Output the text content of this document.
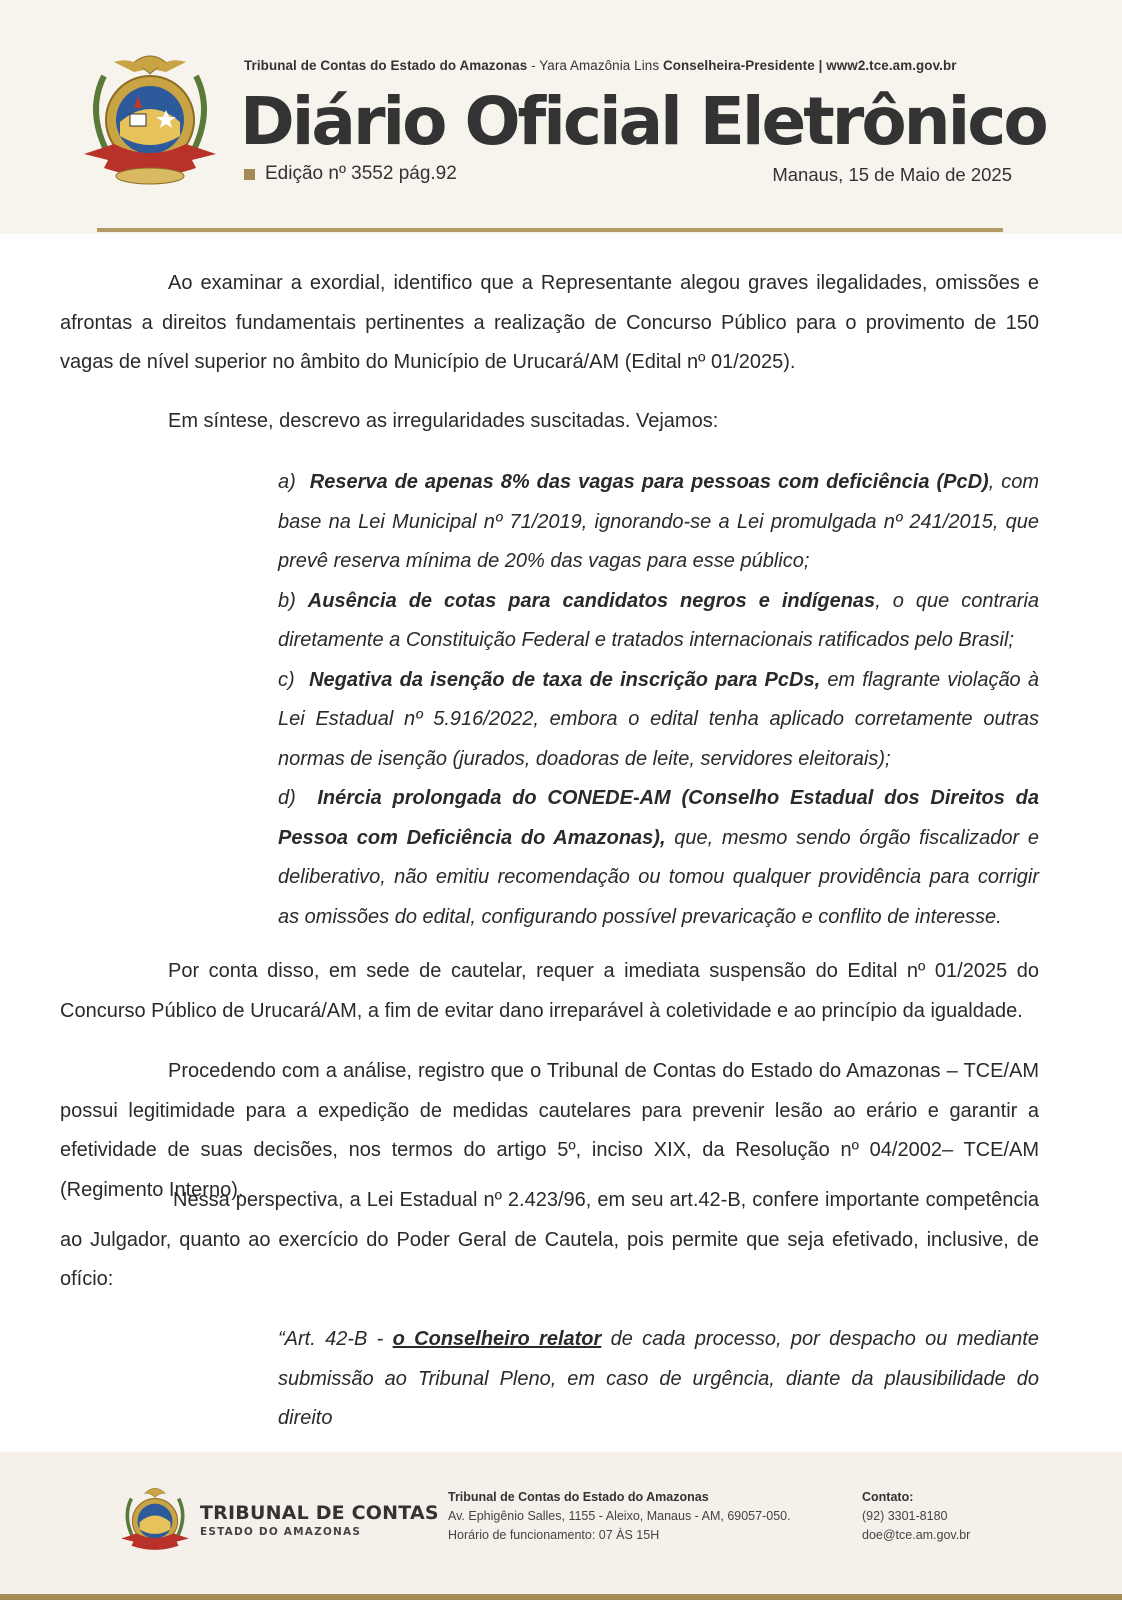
Tribunal de Contas do Estado do Amazonas - Yara Amazônia Lins Conselheira-Presidente | www2.tce.am.gov.br
Diário Oficial Eletrônico
Edição nº 3552 pág.92	Manaus, 15 de Maio de 2025

Ao examinar a exordial, identifico que a Representante alegou graves ilegalidades, omissões e afrontas a direitos fundamentais pertinentes a realização de Concurso Público para o provimento de 150 vagas de nível superior no âmbito do Município de Urucará/AM (Edital nº 01/2025).

Em síntese, descrevo as irregularidades suscitadas. Vejamos:

a) Reserva de apenas 8% das vagas para pessoas com deficiência (PcD), com base na Lei Municipal nº 71/2019, ignorando-se a Lei promulgada nº 241/2015, que prevê reserva mínima de 20% das vagas para esse público;

b) Ausência de cotas para candidatos negros e indígenas, o que contraria diretamente a Constituição Federal e tratados internacionais ratificados pelo Brasil;

c) Negativa da isenção de taxa de inscrição para PcDs, em flagrante violação à Lei Estadual nº 5.916/2022, embora o edital tenha aplicado corretamente outras normas de isenção (jurados, doadoras de leite, servidores eleitorais);

d) Inércia prolongada do CONEDE-AM (Conselho Estadual dos Direitos da Pessoa com Deficiência do Amazonas), que, mesmo sendo órgão fiscalizador e deliberativo, não emitiu recomendação ou tomou qualquer providência para corrigir as omissões do edital, configurando possível prevaricação e conflito de interesse.

Por conta disso, em sede de cautelar, requer a imediata suspensão do Edital nº 01/2025 do Concurso Público de Urucará/AM, a fim de evitar dano irreparável à coletividade e ao princípio da igualdade.

Procedendo com a análise, registro que o Tribunal de Contas do Estado do Amazonas – TCE/AM possui legitimidade para a expedição de medidas cautelares para prevenir lesão ao erário e garantir a efetividade de suas decisões, nos termos do artigo 5º, inciso XIX, da Resolução nº 04/2002– TCE/AM (Regimento Interno).

Nessa perspectiva, a Lei Estadual nº 2.423/96, em seu art.42-B, confere importante competência ao Julgador, quanto ao exercício do Poder Geral de Cautela, pois permite que seja efetivado, inclusive, de ofício:

“Art. 42-B - o Conselheiro relator de cada processo, por despacho ou mediante submissão ao Tribunal Pleno, em caso de urgência, diante da plausibilidade do direito

TRIBUNAL DE CONTAS
ESTADO DO AMAZONAS
Tribunal de Contas do Estado do Amazonas
Av. Ephigênio Salles, 1155 - Aleixo, Manaus - AM, 69057-050.
Horário de funcionamento: 07 ÀS 15H
Contato:
(92) 3301-8180
doe@tce.am.gov.br
